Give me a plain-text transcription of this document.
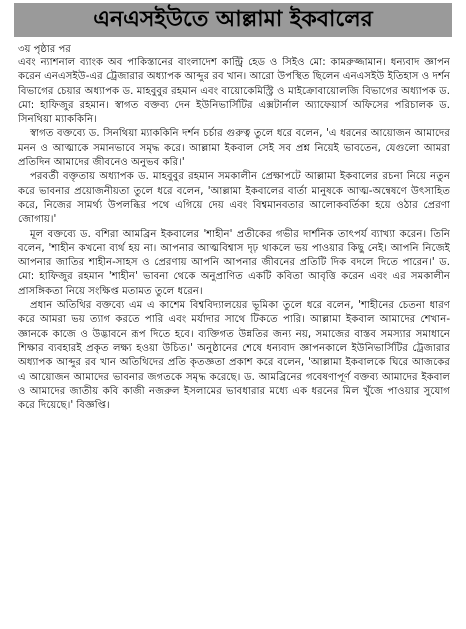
এনএসইউতে আল্লামা ইকবালের
৩য় পৃষ্ঠার পর

এবং ন্যাশনাল ব্যাংক অব পাকিস্তানের বাংলাদেশ কান্ট্রি হেড ও সিইও মো: কামরুজ্জামান। ধন্যবাদ জ্ঞাপন করেন এনএসইউ-এর ট্রেজারার অধ্যাপক আব্দুর রব খান। আরো উপস্থিত ছিলেন এনএসইউ ইতিহাস ও দর্শন বিভাগের চেয়ার অধ্যাপক ড. মাহবুবুর রহমান এবং বায়োকেমিস্ট্রি ও মাইক্রোবায়োলজি বিভাগের অধ্যাপক ড. মো: হাফিজুর রহমান। স্বাগত বক্তব্য দেন ইউনিভার্সিটির এক্সটার্নাল অ্যাফেয়ার্স অফিসের পরিচালক ড. সিনথিয়া ম্যাককিনি।

স্বাগত বক্তব্যে ড. সিনথিয়া ম্যাককিনি দর্শন চর্চার গুরুত্ব তুলে ধরে বলেন, 'এ ধরনের আয়োজন আমাদের মনন ও আত্মাকে সমানভাবে সমৃদ্ধ করে। আল্লামা ইকবাল সেই সব প্রশ্ন নিয়েই ভাবতেন, যেগুলো আমরা প্রতিদিন আমাদের জীবনেও অনুভব করি।'

পরবর্তী বক্তৃতায় অধ্যাপক ড. মাহবুবুর রহমান সমকালীন প্রেক্ষাপটে আল্লামা ইকবালের রচনা নিয়ে নতুন করে ভাবনার প্রয়োজনীয়তা তুলে ধরে বলেন, 'আল্লামা ইকবালের বার্তা মানুষকে আত্ম-অন্বেষণে উৎসাহিত করে, নিজের সামর্থ্য উপলব্ধির পথে এগিয়ে দেয় এবং বিশ্বমানবতার আলোকবর্তিকা হয়ে ওঠার প্রেরণা জোগায়।'

মূল বক্তব্যে ড. বশিরা আমব্রিন ইকবালের 'শাহীন' প্রতীকের গভীর দার্শনিক তাৎপর্য ব্যাখ্যা করেন। তিনি বলেন, 'শাহীন কখনো ব্যর্থ হয় না। আপনার আত্মবিশ্বাস দৃঢ় থাকলে ভয় পাওয়ার কিছু নেই। আপনি নিজেই আপনার জাতির শাহীন-সাহস ও প্রেরণায় আপনি আপনার জীবনের প্রতিটি দিক বদলে দিতে পারেন।' ড. মো: হাফিজুর রহমান 'শাহীন' ভাবনা থেকে অনুপ্রাণিত একটি কবিতা আবৃত্তি করেন এবং এর সমকালীন প্রাসঙ্গিকতা নিয়ে সংক্ষিপ্ত মতামত তুলে ধরেন।

প্রধান অতিথির বক্তব্যে এম এ কাশেম বিশ্ববিদ্যালয়ের ভূমিকা তুলে ধরে বলেন, 'শাহীনের চেতনা ধারণ করে আমরা ভয় ত্যাগ করতে পারি এবং মর্যাদার সাথে টিকতে পারি। আল্লামা ইকবাল আমাদের শেখান- জ্ঞানকে কাজে ও উদ্ভাবনে রূপ দিতে হবে। ব্যক্তিগত উন্নতির জন্য নয়, সমাজের বাস্তব সমস্যার সমাধানে শিক্ষার ব্যবহারই প্রকৃত লক্ষ্য হওয়া উচিত।' অনুষ্ঠানের শেষে ধন্যবাদ জ্ঞাপনকালে ইউনিভার্সিটির ট্রেজারার অধ্যাপক আব্দুর রব খান অতিথিদের প্রতি কৃতজ্ঞতা প্রকাশ করে বলেন, 'আল্লামা ইকবালকে ঘিরে আজকের এ আয়োজন আমাদের ভাবনার জগতকে সমৃদ্ধ করেছে। ড. আমব্রিনের গবেষণাপূর্ণ বক্তব্য আমাদের ইকবাল ও আমাদের জাতীয় কবি কাজী নজরুল ইসলামের ভাবধারার মধ্যে এক ধরনের মিল খুঁজে পাওয়ার সুযোগ করে দিয়েছে।' বিজ্ঞপ্তি।
